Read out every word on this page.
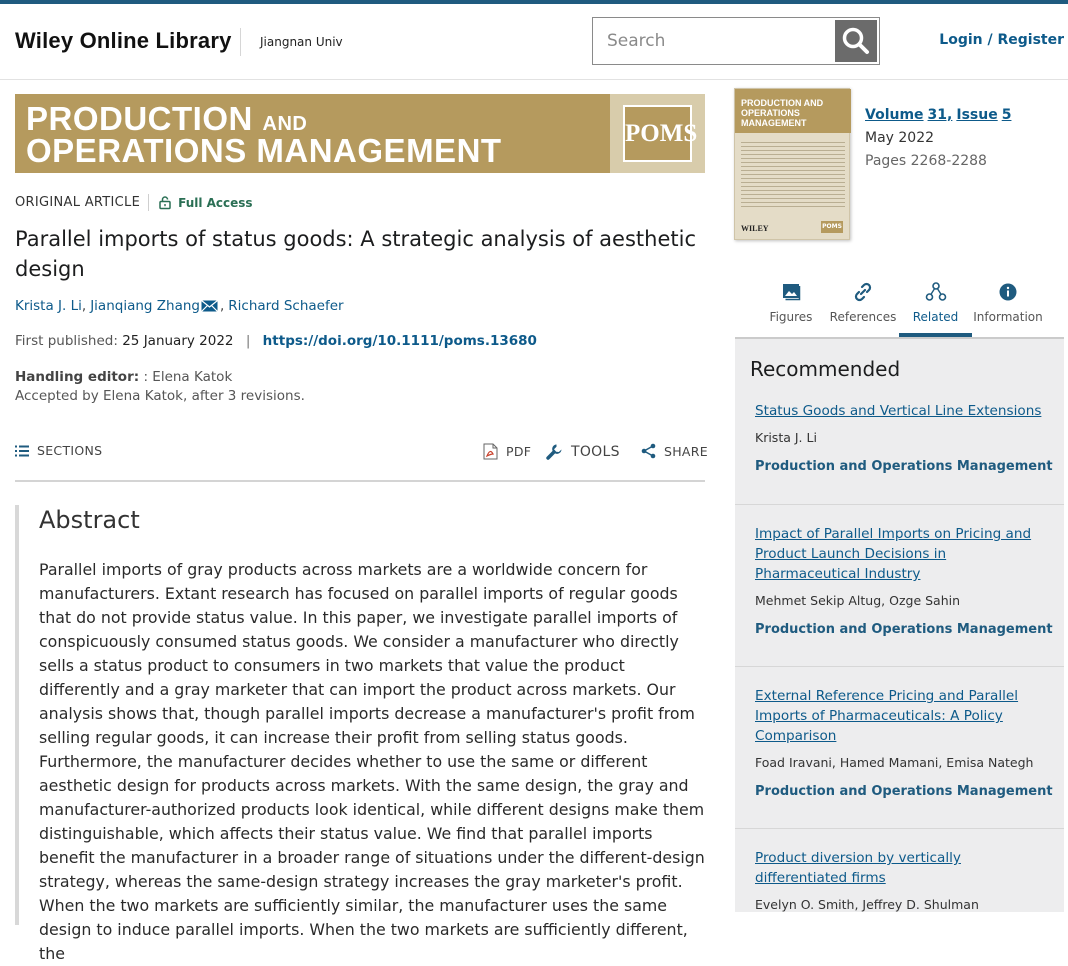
Wiley Online Library	Jiangnan Univ
Search	Login / Register
PRODUCTION AND
OPERATIONS MANAGEMENT	POMS
ORIGINAL ARTICLE	Full Access
Parallel imports of status goods: A strategic analysis of aesthetic design
Krista J. Li , Jianqiang Zhang , Richard Schaefer
First published: 25 January 2022 | https://doi.org/10.1111/poms.13680
Handling editor: : Elena Katok
Accepted by Elena Katok, after 3 revisions.
SECTIONS	PDF	TOOLS	SHARE
Abstract

Parallel imports of gray products across markets are a worldwide concern for manufacturers. Extant research has focused on parallel imports of regular goods that do not provide status value. In this paper, we investigate parallel imports of conspicuously consumed status goods. We consider a manufacturer who directly sells a status product to consumers in two markets that value the product differently and a gray marketer that can import the product across markets. Our analysis shows that, though parallel imports decrease a manufacturer's profit from selling regular goods, it can increase their profit from selling status goods. Furthermore, the manufacturer decides whether to use the same or different aesthetic design for products across markets. With the same design, the gray and manufacturer-authorized products look identical, while different designs make them distinguishable, which affects their status value. We find that parallel imports benefit the manufacturer in a broader range of situations under the different-design strategy, whereas the same-design strategy increases the gray marketer's profit. When the two markets are sufficiently similar, the manufacturer uses the same design to induce parallel imports. When the two markets are sufficiently different, the

PRODUCTION AND
OPERATIONS
MANAGEMENT
WILEY	POMS
Volume 31, Issue 5
May 2022
Pages 2268-2288
Figures	References	Related	Information
Recommended
Status Goods and Vertical Line Extensions
Krista J. Li
Production and Operations Management
Impact of Parallel Imports on Pricing and Product Launch Decisions in Pharmaceutical Industry
Mehmet Sekip Altug, Ozge Sahin
Production and Operations Management
External Reference Pricing and Parallel Imports of Pharmaceuticals: A Policy Comparison
Foad Iravani, Hamed Mamani, Emisa Nategh
Production and Operations Management
Product diversion by vertically differentiated firms
Evelyn O. Smith, Jeffrey D. Shulman
